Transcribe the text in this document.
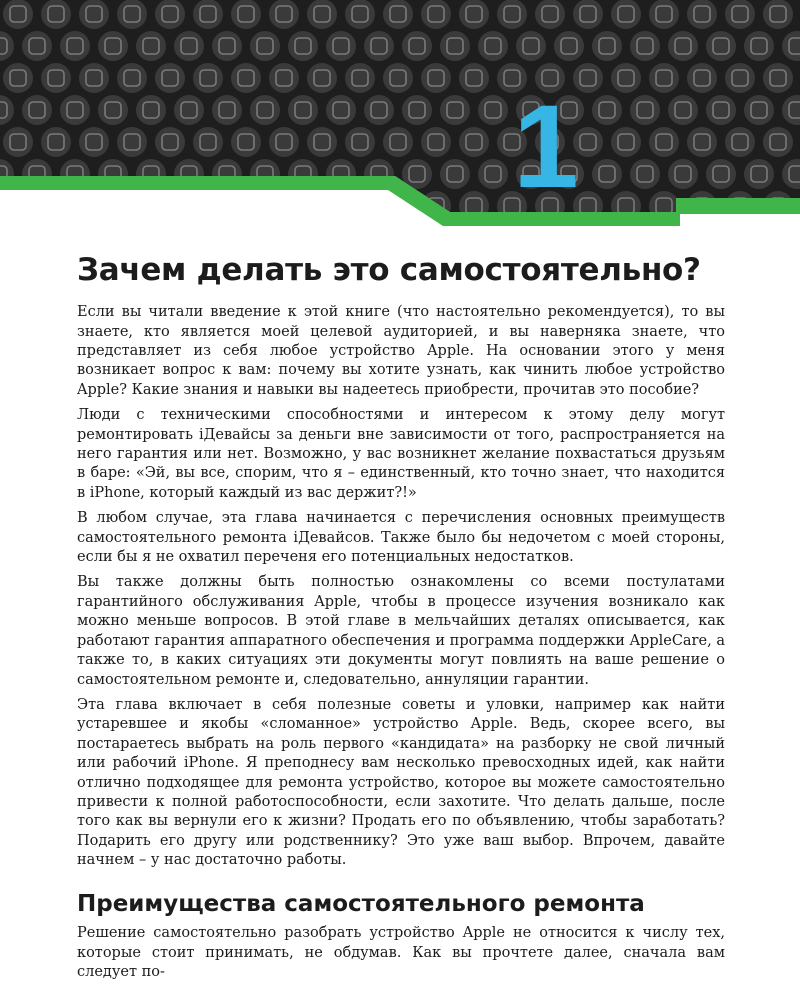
1
Зачем делать это самостоятельно?

Если вы читали введение к этой книге (что настоятельно рекомендуется), то вы знаете, кто является моей целевой аудиторией, и вы наверняка знаете, что представляет из себя любое устройство Apple. На основании этого у меня возникает вопрос к вам: почему вы хотите узнать, как чинить любое устройство Apple? Какие знания и навыки вы надеетесь приобрести, прочитав это пособие?

Люди с техническими способностями и интересом к этому делу могут ремонтировать iДевайсы за деньги вне зависимости от того, распространяется на него гарантия или нет. Возможно, у вас возникнет желание похвастаться друзьям в баре: «Эй, вы все, спорим, что я – единственный, кто точно знает, что находится в iPhone, который каждый из вас держит?!»

В любом случае, эта глава начинается с перечисления основных преимуществ самостоятельного ремонта iДевайсов. Также было бы недочетом с моей стороны, если бы я не охватил переченя его потенциальных недостатков.

Вы также должны быть полностью ознакомлены со всеми постулатами гарантийного обслуживания Apple, чтобы в процессе изучения возникало как можно меньше вопросов. В этой главе в мельчайших деталях описывается, как работают гарантия аппаратного обеспечения и программа поддержки AppleCare, а также то, в каких ситуациях эти документы могут повлиять на ваше решение о самостоятельном ремонте и, следовательно, аннуляции гарантии.

Эта глава включает в себя полезные советы и уловки, например как найти устаревшее и якобы «сломанное» устройство Apple. Ведь, скорее всего, вы постараетесь выбрать на роль первого «кандидата» на разборку не свой личный или рабочий iPhone. Я преподнесу вам несколько превосходных идей, как найти отлично подходящее для ремонта устройство, которое вы можете самостоятельно привести к полной работоспособности, если захотите. Что делать дальше, после того как вы вернули его к жизни? Продать его по объявлению, чтобы заработать? Подарить его другу или родственнику? Это уже ваш выбор. Впрочем, давайте начнем – у нас достаточно работы.

Преимущества самостоятельного ремонта

Решение самостоятельно разобрать устройство Apple не относится к числу тех, которые стоит принимать, не обдумав. Как вы прочтете далее, сначала вам следует по-
